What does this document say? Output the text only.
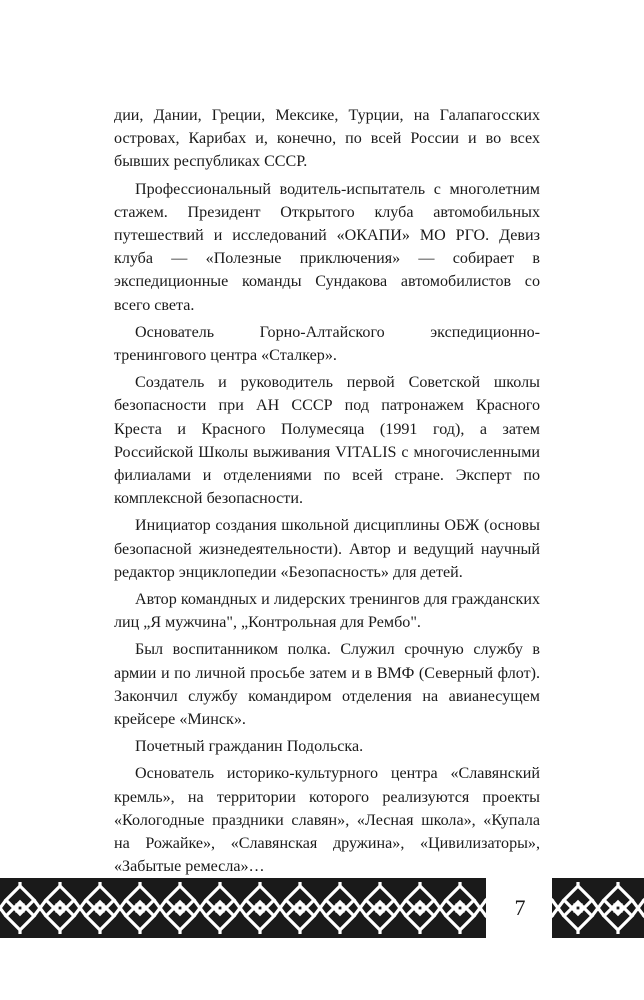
дии, Дании, Греции, Мексике, Турции, на Галапагосских островах, Карибах и, конечно, по всей России и во всех бывших республиках СССР.

Профессиональный водитель-испытатель с многолетним стажем. Президент Открытого клуба автомобильных путешествий и исследований «ОКАПИ» МО РГО. Девиз клуба — «Полезные приключения» — собирает в экспедиционные команды Сундакова автомобилистов со всего света.

Основатель Горно-Алтайского экспедиционно-тренингового центра «Сталкер».

Создатель и руководитель первой Советской школы безопасности при АН СССР под патронажем Красного Креста и Красного Полумесяца (1991 год), а затем Российской Школы выживания VITALIS с многочисленными филиалами и отделениями по всей стране. Эксперт по комплексной безопасности.

Инициатор создания школьной дисциплины ОБЖ (основы безопасной жизнедеятельности). Автор и ведущий научный редактор энциклопедии «Безопасность» для детей.

Автор командных и лидерских тренингов для гражданских лиц „Я мужчина", „Контрольная для Рембо".

Был воспитанником полка. Служил срочную службу в армии и по личной просьбе затем и в ВМФ (Северный флот). Закончил службу командиром отделения на авианесущем крейсере «Минск».

Почетный гражданин Подольска.

Основатель историко-культурного центра «Славянский кремль», на территории которого реализуются проекты «Кологодные праздники славян», «Лесная школа», «Купала на Рожайке», «Славянская дружина», «Цивилизаторы», «Забытые ремесла»…

7
